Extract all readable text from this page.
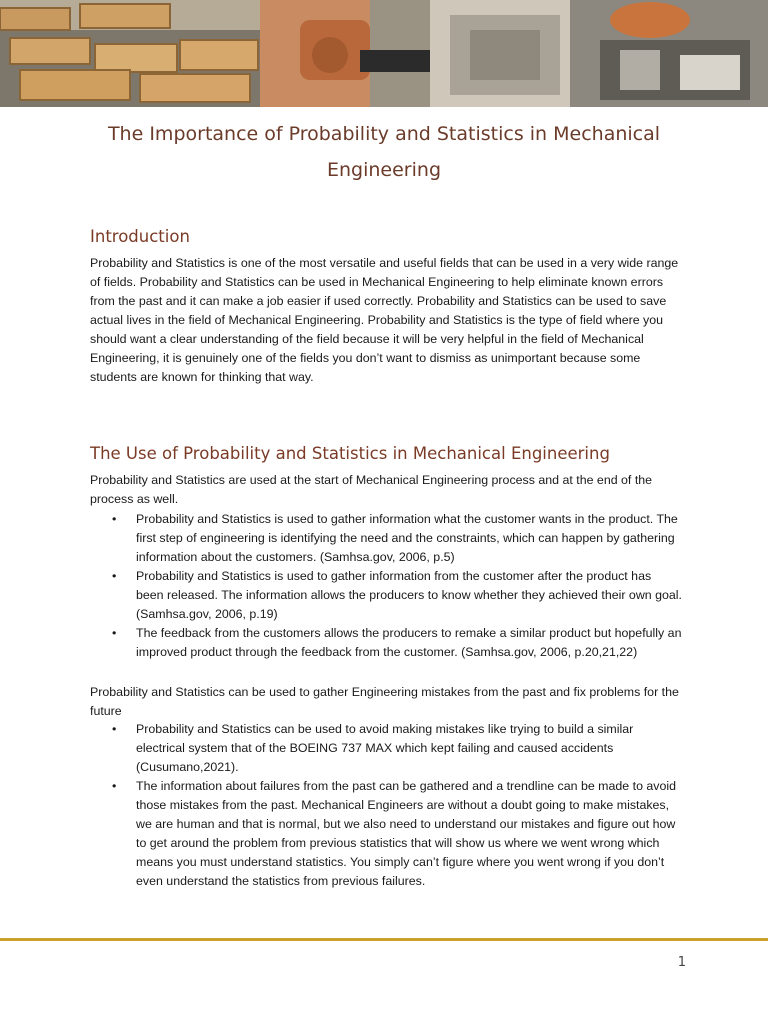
The Importance of Probability and Statistics in Mechanical Engineering
Introduction

Probability and Statistics is one of the most versatile and useful fields that can be used in a very wide range of fields. Probability and Statistics can be used in Mechanical Engineering to help eliminate known errors from the past and it can make a job easier if used correctly. Probability and Statistics can be used to save actual lives in the field of Mechanical Engineering. Probability and Statistics is the type of field where you should want a clear understanding of the field because it will be very helpful in the field of Mechanical Engineering, it is genuinely one of the fields you don’t want to dismiss as unimportant because some students are known for thinking that way.

The Use of Probability and Statistics in Mechanical Engineering

Probability and Statistics are used at the start of Mechanical Engineering process and at the end of the process as well.

• Probability and Statistics is used to gather information what the customer wants in the product. The first step of engineering is identifying the need and the constraints, which can happen by gathering information about the customers. (Samhsa.gov, 2006, p.5)
• Probability and Statistics is used to gather information from the customer after the product has been released. The information allows the producers to know whether they achieved their own goal. (Samhsa.gov, 2006, p.19)
• The feedback from the customers allows the producers to remake a similar product but hopefully an improved product through the feedback from the customer. (Samhsa.gov, 2006, p.20,21,22)

Probability and Statistics can be used to gather Engineering mistakes from the past and fix problems for the future

• Probability and Statistics can be used to avoid making mistakes like trying to build a similar electrical system that of the BOEING 737 MAX which kept failing and caused accidents (Cusumano,2021).
• The information about failures from the past can be gathered and a trendline can be made to avoid those mistakes from the past. Mechanical Engineers are without a doubt going to make mistakes, we are human and that is normal, but we also need to understand our mistakes and figure out how to get around the problem from previous statistics that will show us where we went wrong which means you must understand statistics. You simply can’t figure where you went wrong if you don’t even understand the statistics from previous failures.
1
